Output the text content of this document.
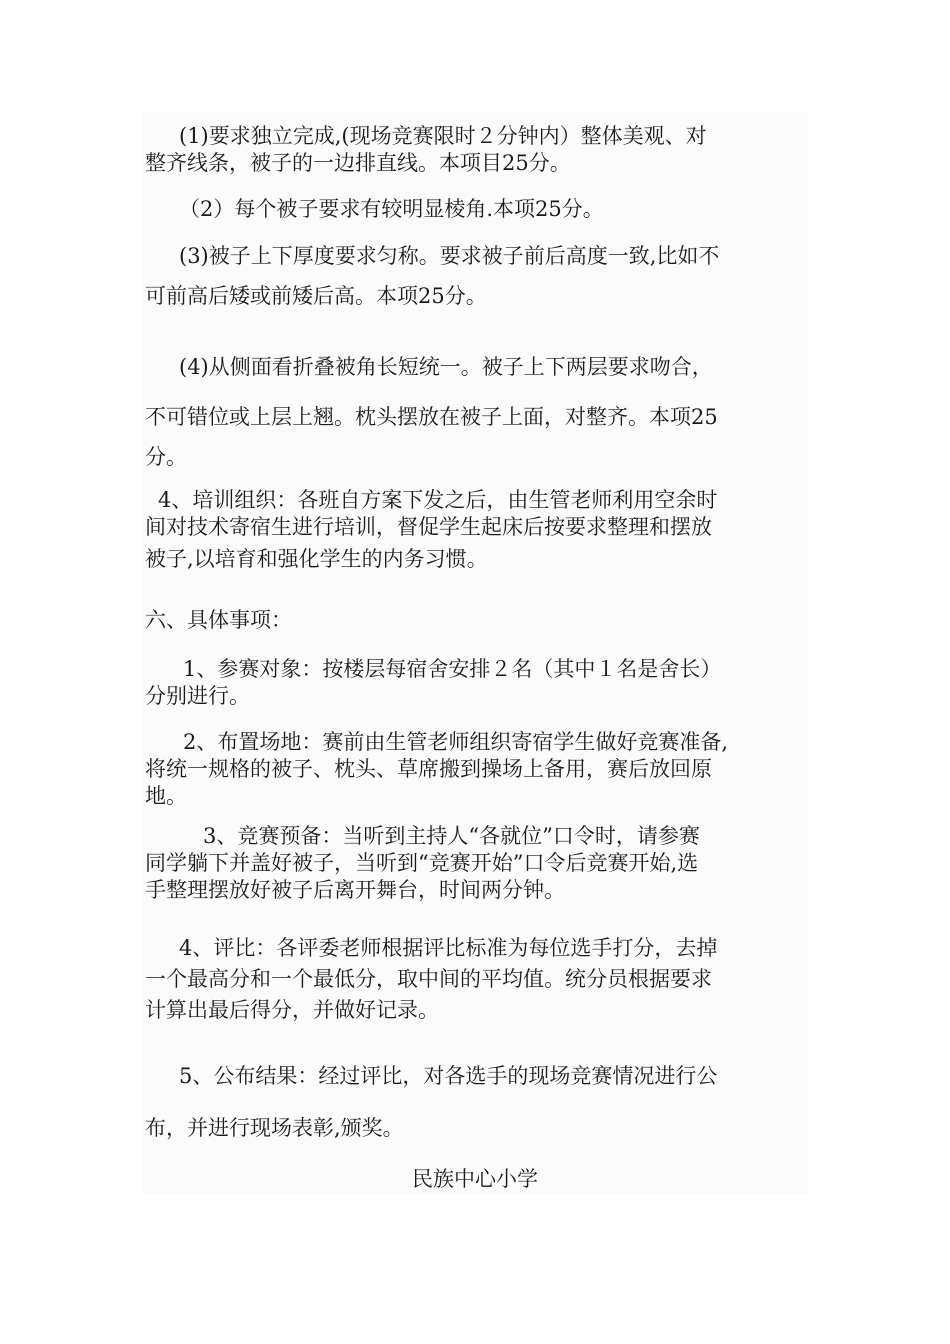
(1)要求独立完成,(现场竞赛限时２分钟内）整体美观、对
整齐线条，被子的一边排直线。本项目25分。
（2）每个被子要求有较明显棱角.本项25分。
(3)被子上下厚度要求匀称。要求被子前后高度一致,比如不
可前高后矮或前矮后高。本项25分。
(4)从侧面看折叠被角长短统一。被子上下两层要求吻合，
不可错位或上层上翘。枕头摆放在被子上面，对整齐。本项25
分。
4、培训组织：各班自方案下发之后，由生管老师利用空余时
间对技术寄宿生进行培训，督促学生起床后按要求整理和摆放
被子,以培育和强化学生的内务习惯。

六、具体事项：

1、参赛对象：按楼层每宿舍安排２名（其中１名是舍长）
分别进行。
2、布置场地：赛前由生管老师组织寄宿学生做好竞赛准备,
将统一规格的被子、枕头、草席搬到操场上备用，赛后放回原
地。
3、竞赛预备：当听到主持人“各就位”口令时，请参赛
同学躺下并盖好被子，当听到“竞赛开始”口令后竞赛开始,选
手整理摆放好被子后离开舞台，时间两分钟。
4、评比：各评委老师根据评比标准为每位选手打分，去掉
一个最高分和一个最低分，取中间的平均值。统分员根据要求
计算出最后得分，并做好记录。
5、公布结果：经过评比，对各选手的现场竞赛情况进行公
布，并进行现场表彰,颁奖。

民族中心小学
